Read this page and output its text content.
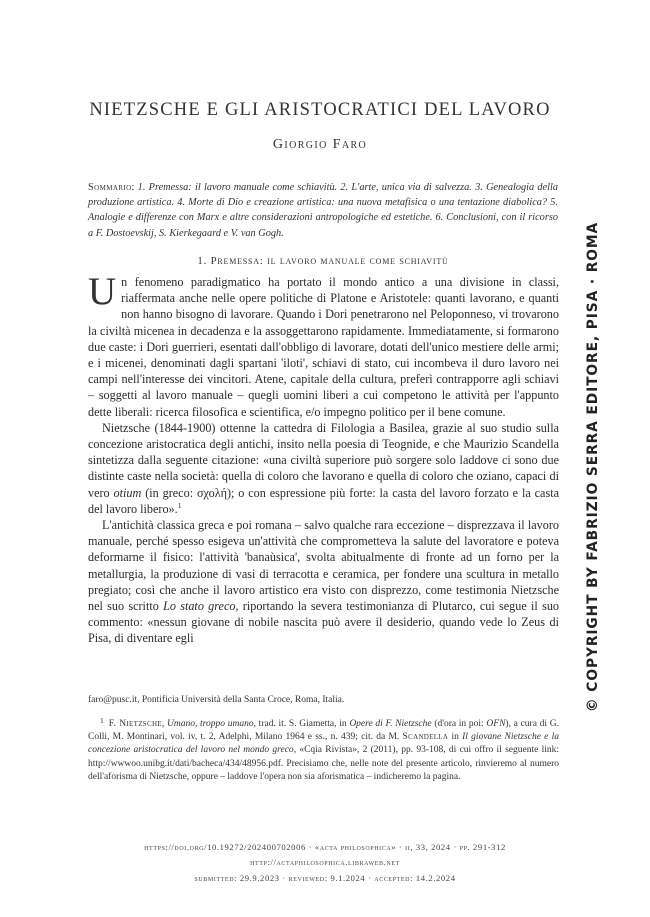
NIETZSCHE E GLI ARISTOCRATICI DEL LAVORO
Giorgio Faro
Sommario: 1. Premessa: il lavoro manuale come schiavitù. 2. L'arte, unica via di salvezza. 3. Genealogia della produzione artistica. 4. Morte di Dio e creazione artistica: una nuova metafisica o una tentazione diabolica? 5. Analogie e differenze con Marx e altre considerazioni antropologiche ed estetiche. 6. Conclusioni, con il ricorso a F. Dostoevskij, S. Kierkegaard e V. van Gogh.
1. Premessa: il lavoro manuale come schiavitù

Un fenomeno paradigmatico ha portato il mondo antico a una divisione in classi, riaffermata anche nelle opere politiche di Platone e Aristotele: quanti lavorano, e quanti non hanno bisogno di lavorare. Quando i Dori penetrarono nel Peloponneso, vi trovarono la civiltà micenea in decadenza e la assoggettarono rapidamente. Immediatamente, si formarono due caste: i Dori guerrieri, esentati dall'obbligo di lavorare, dotati dell'unico mestiere delle armi; e i micenei, denominati dagli spartani 'iloti', schiavi di stato, cui incombeva il duro lavoro nei campi nell'interesse dei vincitori. Atene, capitale della cultura, preferì contrapporre agli schiavi – soggetti al lavoro manuale – quegli uomini liberi a cui competono le attività per l'appunto dette liberali: ricerca filosofica e scientifica, e/o impegno politico per il bene comune.

Nietzsche (1844-1900) ottenne la cattedra di Filologia a Basilea, grazie al suo studio sulla concezione aristocratica degli antichi, insito nella poesia di Teognide, e che Maurizio Scandella sintetizza dalla seguente citazione: «una civiltà superiore può sorgere solo laddove ci sono due distinte caste nella società: quella di coloro che lavorano e quella di coloro che oziano, capaci di vero otium (in greco: σχολή); o con espressione più forte: la casta del lavoro forzato e la casta del lavoro libero».$^1$

L'antichità classica greca e poi romana – salvo qualche rara eccezione – disprezzava il lavoro manuale, perché spesso esigeva un'attività che comprometteva la salute del lavoratore e poteva deformarne il fisico: l'attività 'banaùsica', svolta abitualmente di fronte ad un forno per la metallurgia, la produzione di vasi di terracotta e ceramica, per fondere una scultura in metallo pregiato; così che anche il lavoro artistico era visto con disprezzo, come testimonia Nietzsche nel suo scritto Lo stato greco, riportando la severa testimonianza di Plutarco, cui segue il suo commento: «nessun giovane di nobile nascita può avere il desiderio, quando vede lo Zeus di Pisa, di diventare egli

faro@pusc.it, Pontificia Università della Santa Croce, Roma, Italia.
$^1$ F. Nietzsche, Umano, troppo umano, trad. it. S. Giametta, in Opere di F. Nietzsche (d'ora in poi: OFN), a cura di G. Colli, M. Montinari, vol. iv, t. 2, Adelphi, Milano 1964 e ss., n. 439; cit. da M. Scandella in Il giovane Nietzsche e la concezione aristocratica del lavoro nel mondo greco, «Cqia Rivista», 2 (2011), pp. 93-108, di cui offro il seguente link: http://wwwoo.unibg.it/dati/bacheca/434/48956.pdf. Precisiamo che, nelle note del presente articolo, rinvieremo al numero dell'aforisma di Nietzsche, oppure – laddove l'opera non sia aforismatica – indicheremo la pagina.
https://doi.org/10.19272/202400702006 · «acta philosophica» · ii, 33, 2024 · pp. 291-312
http://actaphilosophica.libraweb.net
submitted: 29.9.2023 · reviewed: 9.1.2024 · accepted: 14.2.2024
© COPYRIGHT BY FABRIZIO SERRA EDITORE, PISA · ROMA
